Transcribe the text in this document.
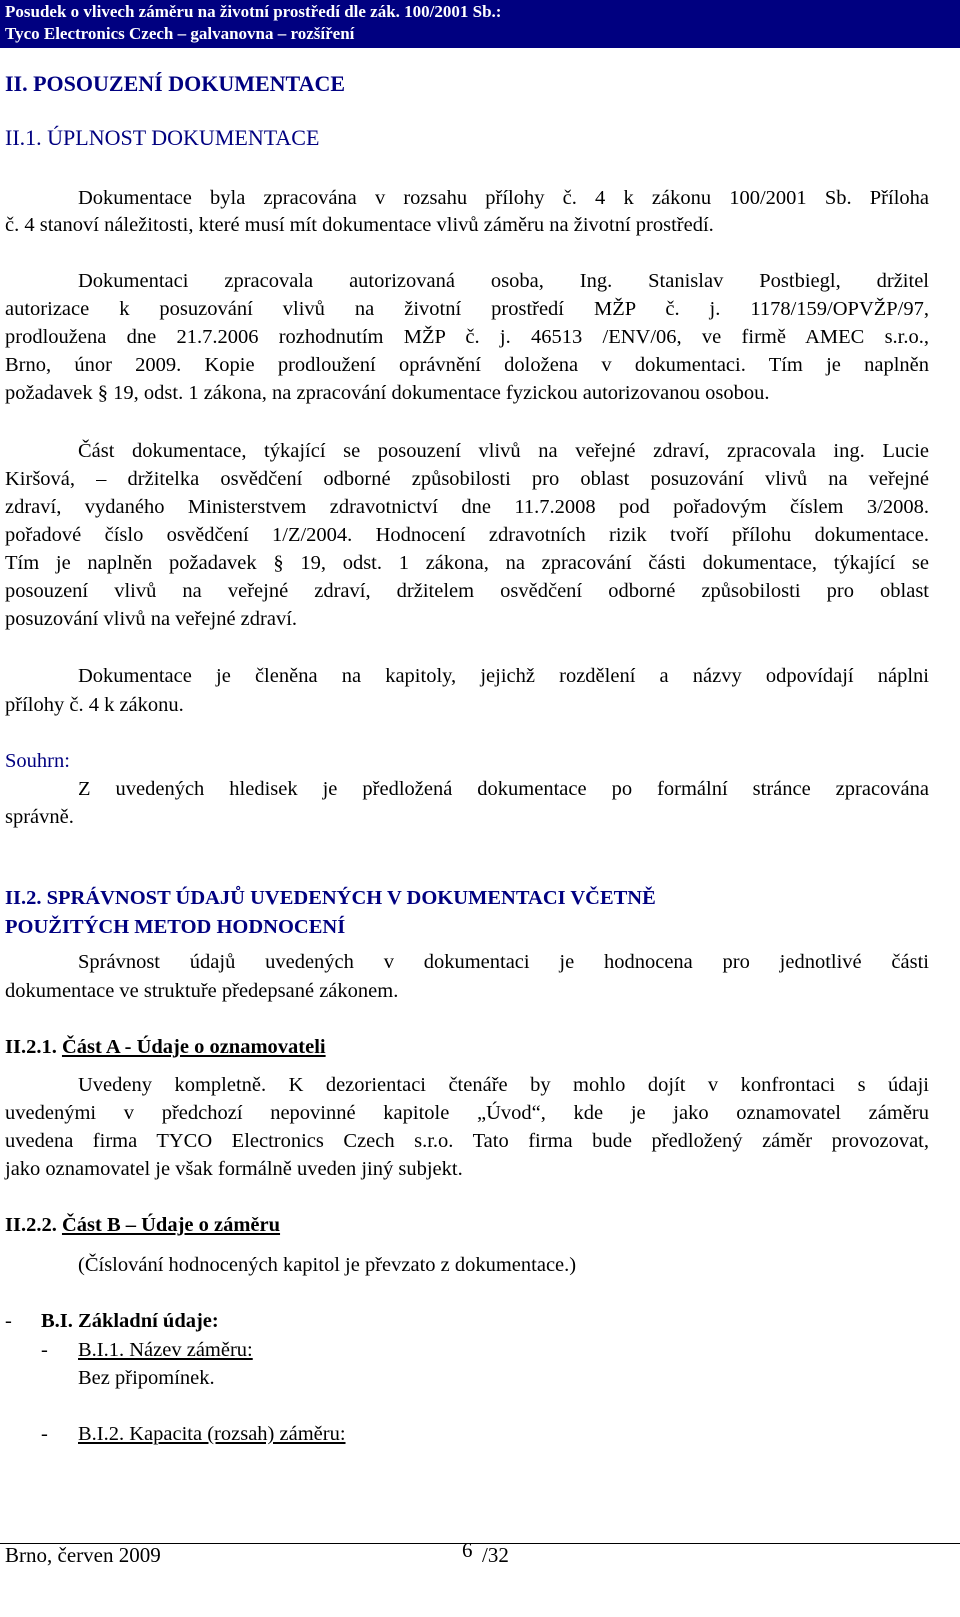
Posudek o vlivech záměru na životní prostředí dle zák. 100/2001 Sb.:
Tyco Electronics Czech – galvanovna – rozšíření
II. POSOUZENÍ DOKUMENTACE
II.1. ÚPLNOST DOKUMENTACE
Dokumentace byla zpracována v rozsahu přílohy č. 4 k zákonu 100/2001 Sb. Příloha
č. 4 stanoví náležitosti, které musí mít dokumentace vlivů záměru na životní prostředí.
Dokumentaci zpracovala autorizovaná osoba, Ing. Stanislav Postbiegl, držitel
autorizace k posuzování vlivů na životní prostředí MŽP č. j. 1178/159/OPVŽP/97,
prodloužena dne 21.7.2006 rozhodnutím MŽP č. j. 46513 /ENV/06, ve firmě AMEC s.r.o.,
Brno, únor 2009. Kopie prodloužení oprávnění doložena v dokumentaci. Tím je naplněn
požadavek § 19, odst. 1 zákona, na zpracování dokumentace fyzickou autorizovanou osobou.
Část dokumentace, týkající se posouzení vlivů na veřejné zdraví, zpracovala ing. Lucie
Kiršová, – držitelka osvědčení odborné způsobilosti pro oblast posuzování vlivů na veřejné
zdraví, vydaného Ministerstvem zdravotnictví dne 11.7.2008 pod pořadovým číslem 3/2008.
pořadové číslo osvědčení 1/Z/2004. Hodnocení zdravotních rizik tvoří přílohu dokumentace.
Tím je naplněn požadavek § 19, odst. 1 zákona, na zpracování části dokumentace, týkající se
posouzení vlivů na veřejné zdraví, držitelem osvědčení odborné způsobilosti pro oblast
posuzování vlivů na veřejné zdraví.
Dokumentace je členěna na kapitoly, jejichž rozdělení a názvy odpovídají náplni
přílohy č. 4 k zákonu.
Souhrn:
Z uvedených hledisek je předložená dokumentace po formální stránce zpracována
správně.
II.2. SPRÁVNOST ÚDAJŮ UVEDENÝCH V DOKUMENTACI VČETNĚ
POUŽITÝCH METOD HODNOCENÍ
Správnost údajů uvedených v dokumentaci je hodnocena pro jednotlivé části
dokumentace ve struktuře předepsané zákonem.
II.2.1. Část A - Údaje o oznamovateli
Uvedeny kompletně. K dezorientaci čtenáře by mohlo dojít v konfrontaci s údaji
uvedenými v předchozí nepovinné kapitole „Úvod“, kde je jako oznamovatel záměru
uvedena firma TYCO Electronics Czech s.r.o. Tato firma bude předložený záměr provozovat,
jako oznamovatel je však formálně uveden jiný subjekt.
II.2.2. Část B – Údaje o záměru
(Číslování hodnocených kapitol je převzato z dokumentace.)
- B.I. Základní údaje:
- B.I.1. Název záměru:
Bez připomínek.
- B.I.2. Kapacita (rozsah) záměru:
Brno, červen 2009	6 /32
